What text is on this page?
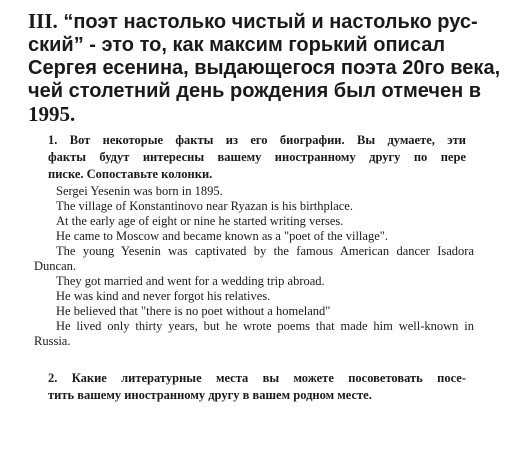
III. “поэт настолько чистый и настолько рус-
ский” - это то, как максим горький описал
Сергея есенина, выдающегося поэта 20го века,
чей столетний день рождения был отмечен в
1995.

1. Вот некоторые факты из его биографии. Вы думаете, эти
факты будут интересны вашему иностранному другу по пере
писке. Сопоставьте колонки.

Sergei Yesenin was born in 1895.
The village of Konstantinovo near Ryazan is his birthplace.
At the early age of eight or nine he started writing verses.
He came to Moscow and became known as a "poet of the village".
The young Yesenin was captivated by the famous American dancer Isadora
Duncan.
They got married and went for a wedding trip abroad.
He was kind and never forgot his relatives.
He believed that "there is no poet without a homeland"
He lived only thirty years, but he wrote poems that made him well-known in
Russia.

2. Какие литературные места вы можете посоветовать посе-
тить вашему иностранному другу в вашем родном месте.
